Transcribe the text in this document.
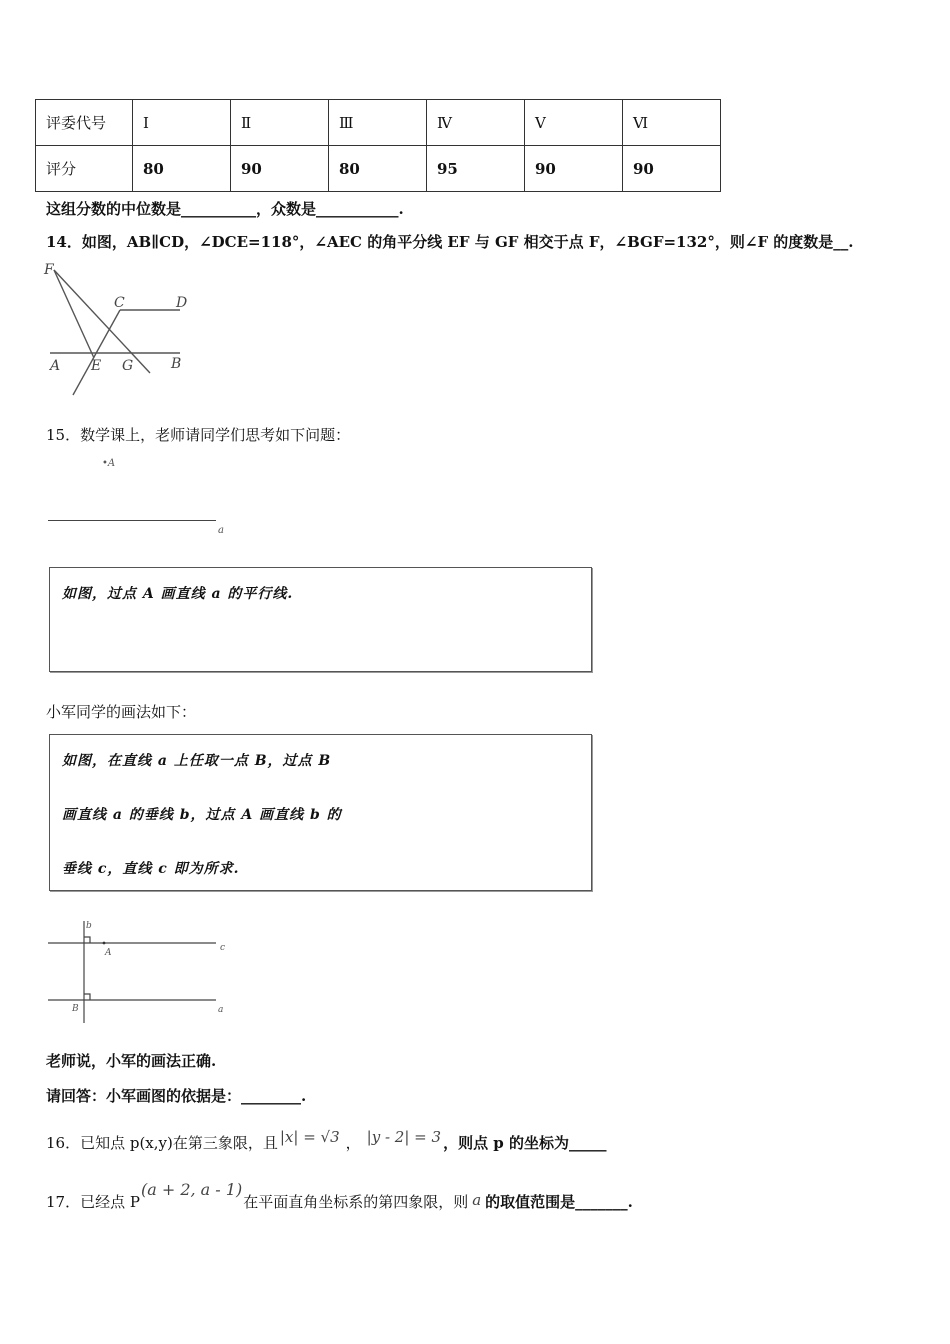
评委代号	Ⅰ	Ⅱ	Ⅲ	Ⅳ	Ⅴ	Ⅵ
评分	80	90	80	95	90	90
这组分数的中位数是__________，众数是___________.
14．如图，AB∥CD，∠DCE=118°，∠AEC 的角平分线 EF 与 GF 相交于点 F，∠BGF=132°，则∠F 的度数是__.
F
C	D
A E G	B
15．数学课上，老师请同学们思考如下问题：
•A
a
如图，过点 A 画直线 a 的平行线.
小军同学的画法如下：
如图，在直线 a 上任取一点 B，过点 B
画直线 a 的垂线 b，过点 A 画直线 b 的
垂线 c，直线 c 即为所求.
b
A	c
B	a
老师说，小军的画法正确.
请回答：小军画图的依据是：________.
16．已知点 p(x,y)在第三象限，且 |x| = √3 ， |y - 2| = 3 ，则点 p 的坐标为_____
17．已经点 P(a + 2, a - 1)在平面直角坐标系的第四象限，则 a 的取值范围是_______.
